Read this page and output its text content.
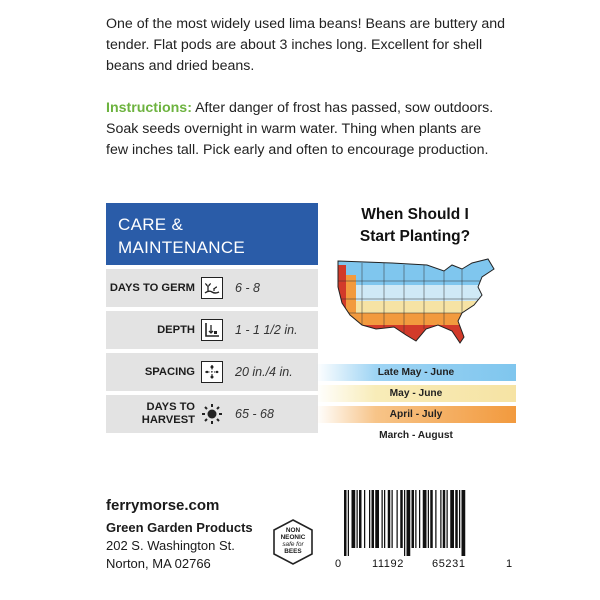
One of the most widely used lima beans! Beans are buttery and tender. Flat pods are about 3 inches long. Excellent for shell beans and dried beans.
Instructions: After danger of frost has passed, sow outdoors. Soak seeds overnight in warm water. Thing when plants are few inches tall. Pick early and often to encourage production.
CARE &
MAINTENANCE
DAYS TO GERM	6 - 8
DEPTH	1 - 1 1/2 in.
SPACING	20 in./4 in.
DAYS TO
HARVEST	65 - 68
When Should I
Start Planting?
Late May - June
May - June
April - July
March - August
ferrymorse.com
Green Garden Products
202 S. Washington St.
Norton, MA 02766
NON
NEONIC
safe for
BEES
0	11192	65231	1
